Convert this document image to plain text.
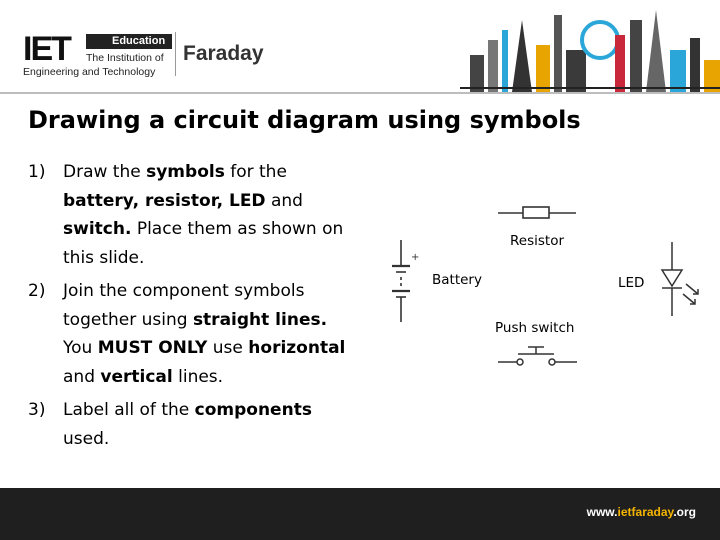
IET	Education
The Institution of
Engineering and Technology
Faraday
Drawing a circuit diagram using symbols
1) Draw the symbols for the battery, resistor, LED and switch. Place them as shown on this slide.
2) Join the component symbols together using straight lines. You MUST ONLY use horizontal and vertical lines.
3) Label all of the components used.
+
Resistor
Battery	LED
Push switch
www.ietfaraday.org
